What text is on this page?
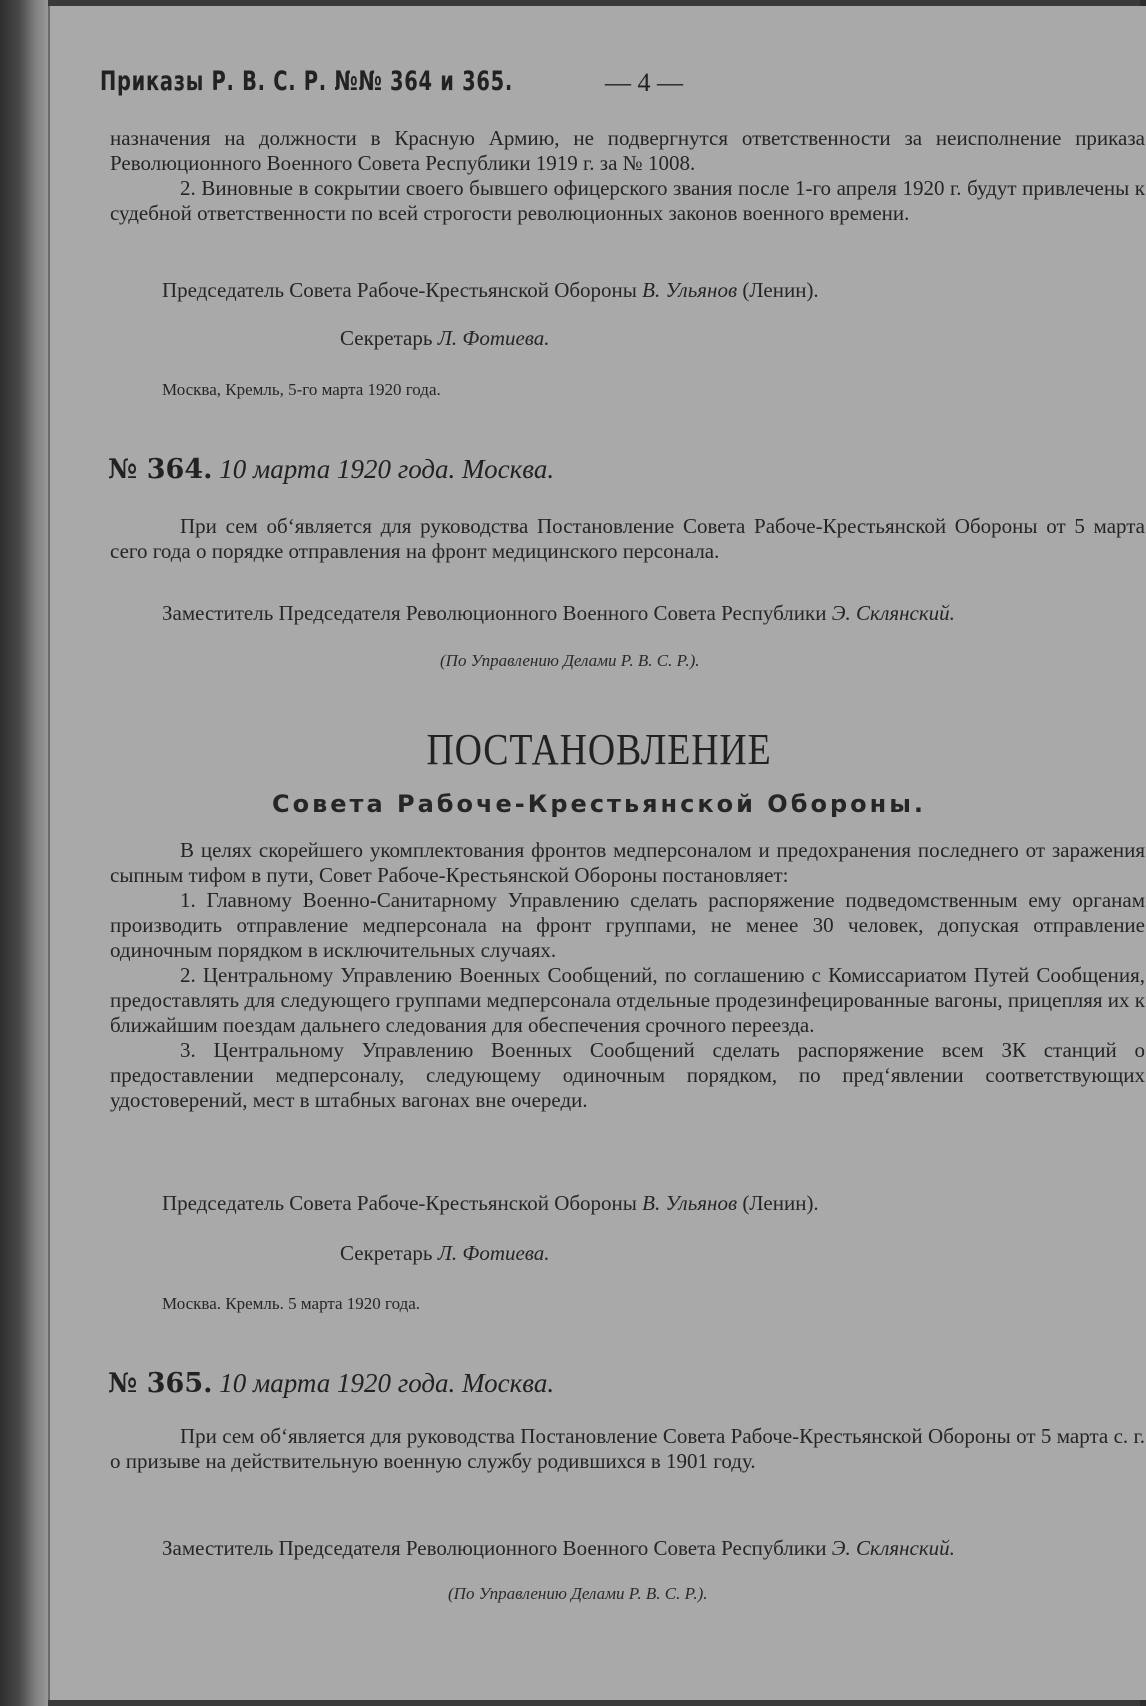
Приказы Р. В. С. Р. №№ 364 и 365.	— 4 —

назначения на должности в Красную Армию, не подвергнутся ответственности за неисполнение приказа Революционного Военного Совета Республики 1919 г. за № 1008.

2. Виновные в сокрытии своего бывшего офицерского звания после 1-го апреля 1920 г. будут привлечены к судебной ответственности по всей строгости революционных законов военного времени.

Председатель Совета Рабоче-Крестьянской Обороны В. Ульянов (Ленин).
Секретарь Л. Фотиева.
Москва, Кремль, 5-го марта 1920 года.
№ 364. 10 марта 1920 года. Москва.

При сем об‘является для руководства Постановление Совета Рабоче-Крестьянской Обороны от 5 марта сего года о порядке отправления на фронт медицинского персонала.

Заместитель Председателя Революционного Военного Совета Республики Э. Склянский.
(По Управлению Делами Р. В. С. Р.).
ПОСТАНОВЛЕНИЕ
Совета Рабоче-Крестьянской Обороны.

В целях скорейшего укомплектования фронтов медперсоналом и предохранения последнего от заражения сыпным тифом в пути, Совет Рабоче-Крестьянской Обороны постановляет:

1. Главному Военно-Санитарному Управлению сделать распоряжение подведомственным ему органам производить отправление медперсонала на фронт группами, не менее 30 человек, допуская отправление одиночным порядком в исключительных случаях.

2. Центральному Управлению Военных Сообщений, по соглашению с Комиссариатом Путей Сообщения, предоставлять для следующего группами медперсонала отдельные продезинфецированные вагоны, прицепляя их к ближайшим поездам дальнего следования для обеспечения срочного переезда.

3. Центральному Управлению Военных Сообщений сделать распоряжение всем ЗК станций о предоставлении медперсоналу, следующему одиночным порядком, по пред‘явлении соответствующих удостоверений, мест в штабных вагонах вне очереди.

Председатель Совета Рабоче-Крестьянской Обороны В. Ульянов (Ленин).
Секретарь Л. Фотиева.
Москва. Кремль. 5 марта 1920 года.
№ 365. 10 марта 1920 года. Москва.

При сем об‘является для руководства Постановление Совета Рабоче-Крестьянской Обороны от 5 марта с. г. о призыве на действительную военную службу родившихся в 1901 году.

Заместитель Председателя Революционного Военного Совета Республики Э. Склянский.
(По Управлению Делами Р. В. С. Р.).
